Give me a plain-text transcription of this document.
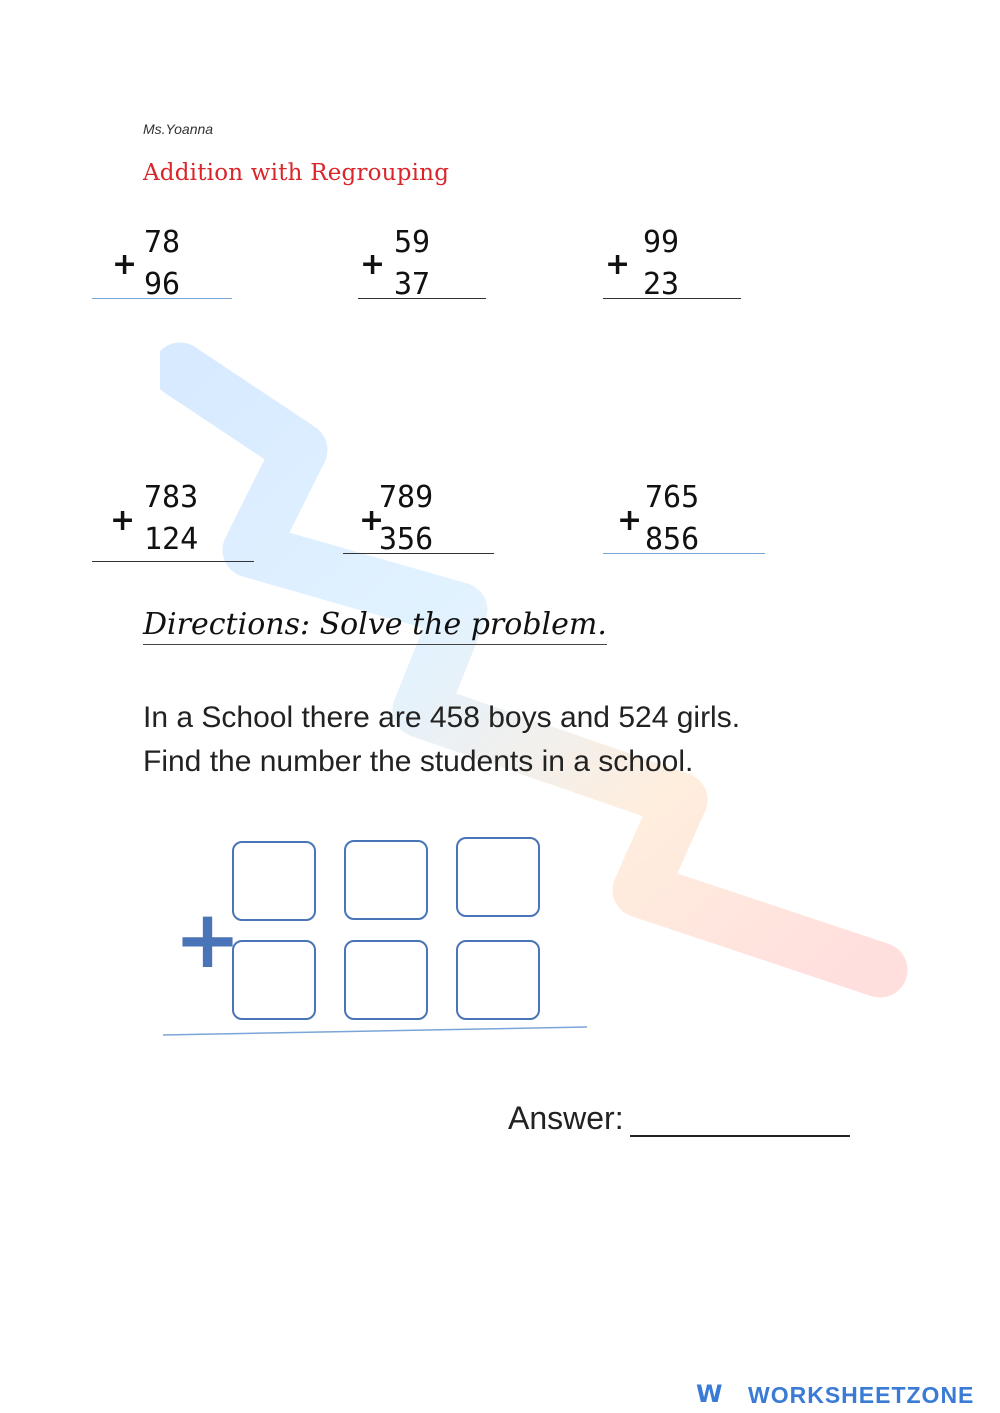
Ms.Yoanna
Addition with Regrouping
+
78
96
+
59
37
+
99
23
+
783
124
+
789
356
+
765
856
Directions: Solve the problem.
In a School there are 458 boys and 524 girls.
Find the number the students in a school.
+
Answer:
W WORKSHEETZONE
